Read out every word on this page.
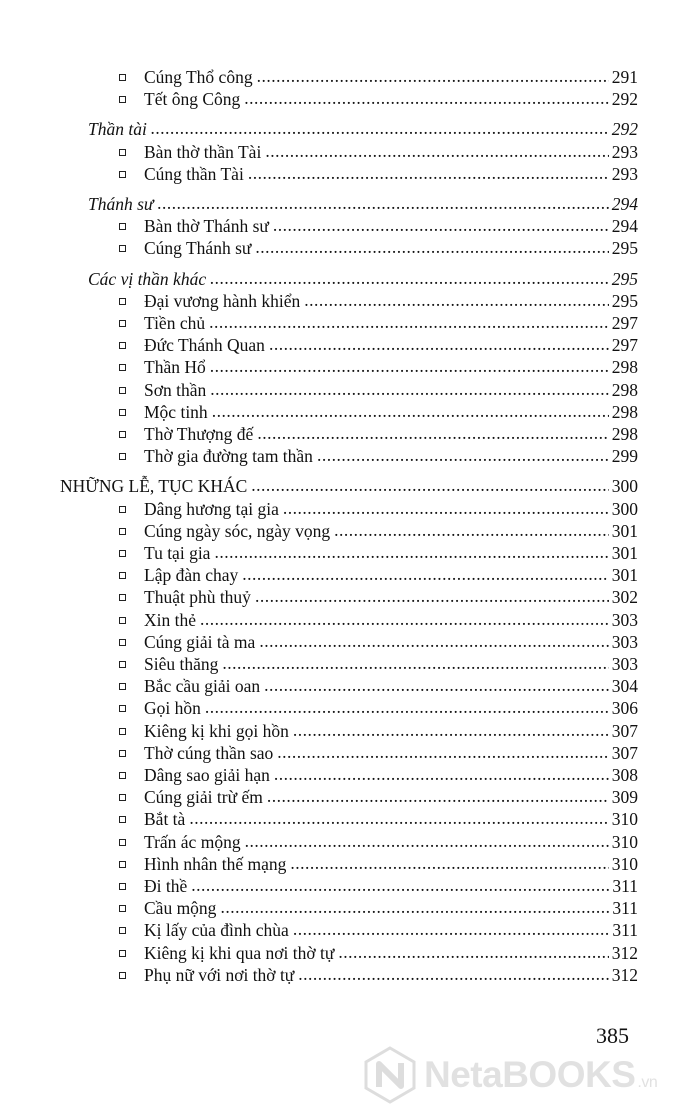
Cúng Thổ công .....	291
Tết ông Công .....	292
Thần tài .....	292
Bàn thờ thần Tài .....	293
Cúng thần Tài .....	293
Thánh sư .....	294
Bàn thờ Thánh sư .....	294
Cúng Thánh sư .....	295
Các vị thần khác .....	295
Đại vương hành khiển .....	295
Tiền chủ .....	297
Đức Thánh Quan .....	297
Thần Hổ .....	298
Sơn thần .....	298
Mộc tinh .....	298
Thờ Thượng đế .....	298
Thờ gia đường tam thần .....	299
NHỮNG LỄ, TỤC KHÁC .....	300
Dâng hương tại gia .....	300
Cúng ngày sóc, ngày vọng .....	301
Tu tại gia .....	301
Lập đàn chay .....	301
Thuật phù thuỷ .....	302
Xin thẻ .....	303
Cúng giải tà ma .....	303
Siêu thăng .....	303
Bắc cầu giải oan .....	304
Gọi hồn .....	306
Kiêng kị khi gọi hồn .....	307
Thờ cúng thần sao .....	307
Dâng sao giải hạn .....	308
Cúng giải trừ ếm .....	309
Bắt tà .....	310
Trấn ác mộng .....	310
Hình nhân thế mạng .....	310
Đi thề .....	311
Cầu mộng .....	311
Kị lấy của đình chùa .....	311
Kiêng kị khi qua nơi thờ tự .....	312
Phụ nữ với nơi thờ tự .....	312
385
NetaBOOKS .vn
